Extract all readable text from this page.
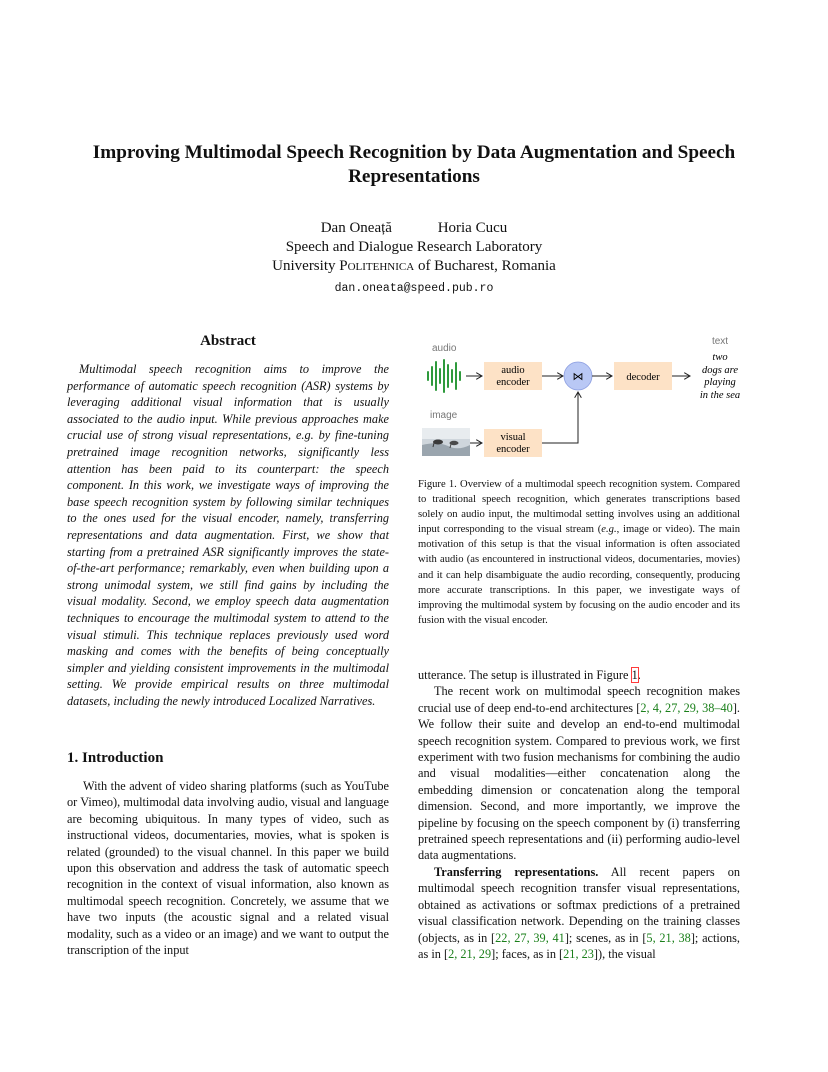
Improving Multimodal Speech Recognition by Data Augmentation and Speech
Representations
Dan Oneață	Horia Cucu
Speech and Dialogue Research Laboratory
University Politehnica of Bucharest, Romania
dan.oneata@speed.pub.ro
Abstract
Multimodal speech recognition aims to improve the performance of automatic speech recognition (ASR) systems by leveraging additional visual information that is usually associated to the audio input. While previous approaches make crucial use of strong visual representations, e.g. by fine-tuning pretrained image recognition networks, significantly less attention has been paid to its counterpart: the speech component. In this work, we investigate ways of improving the base speech recognition system by following similar techniques to the ones used for the visual encoder, namely, transferring representations and data augmentation. First, we show that starting from a pretrained ASR significantly improves the state-of-the-art performance; remarkably, even when building upon a strong unimodal system, we still find gains by including the visual modality. Second, we employ speech data augmentation techniques to encourage the multimodal system to attend to the visual stimuli. This technique replaces previously used word masking and comes with the benefits of being conceptually simpler and yielding consistent improvements in the multimodal setting. We provide empirical results on three multimodal datasets, including the newly introduced Localized Narratives.
1. Introduction
With the advent of video sharing platforms (such as YouTube or Vimeo), multimodal data involving audio, visual and language are becoming ubiquitous. In many types of video, such as instructional videos, documentaries, movies, what is spoken is related (grounded) to the visual channel. In this paper we build upon this observation and address the task of automatic speech recognition in the context of visual information, also known as multimodal speech recognition. Concretely, we assume that we have two inputs (the acoustic signal and a related visual modality, such as a video or an image) and we want to output the transcription of the input
audio
image
audio
encoder	⋈	decoder
text
two
dogs are
playing
in the sea
visual
encoder
Figure 1. Overview of a multimodal speech recognition system. Compared to traditional speech recognition, which generates transcriptions based solely on audio input, the multimodal setting involves using an additional input corresponding to the visual stream (e.g., image or video). The main motivation of this setup is that the visual information is often associated with audio (as encountered in instructional videos, documentaries, movies) and it can help disambiguate the audio recording, consequently, producing more accurate transcriptions. In this paper, we investigate ways of improving the multimodal system by focusing on the audio encoder and its fusion with the visual encoder.

utterance. The setup is illustrated in Figure 1.

The recent work on multimodal speech recognition makes crucial use of deep end-to-end architectures [2, 4, 27, 29, 38–40]. We follow their suite and develop an end-to-end multimodal speech recognition system. Compared to previous work, we first experiment with two fusion mechanisms for combining the audio and visual modalities—either concatenation along the embedding dimension or concatenation along the temporal dimension. Second, and more importantly, we improve the pipeline by focusing on the speech component by (i) transferring pretrained speech representations and (ii) performing audio-level data augmentations.

Transferring representations. All recent papers on multimodal speech recognition transfer visual representations, obtained as activations or softmax predictions of a pretrained visual classification network. Depending on the training classes (objects, as in [22, 27, 39, 41]; scenes, as in [5, 21, 38]; actions, as in [2, 21, 29]; faces, as in [21, 23]), the visual
